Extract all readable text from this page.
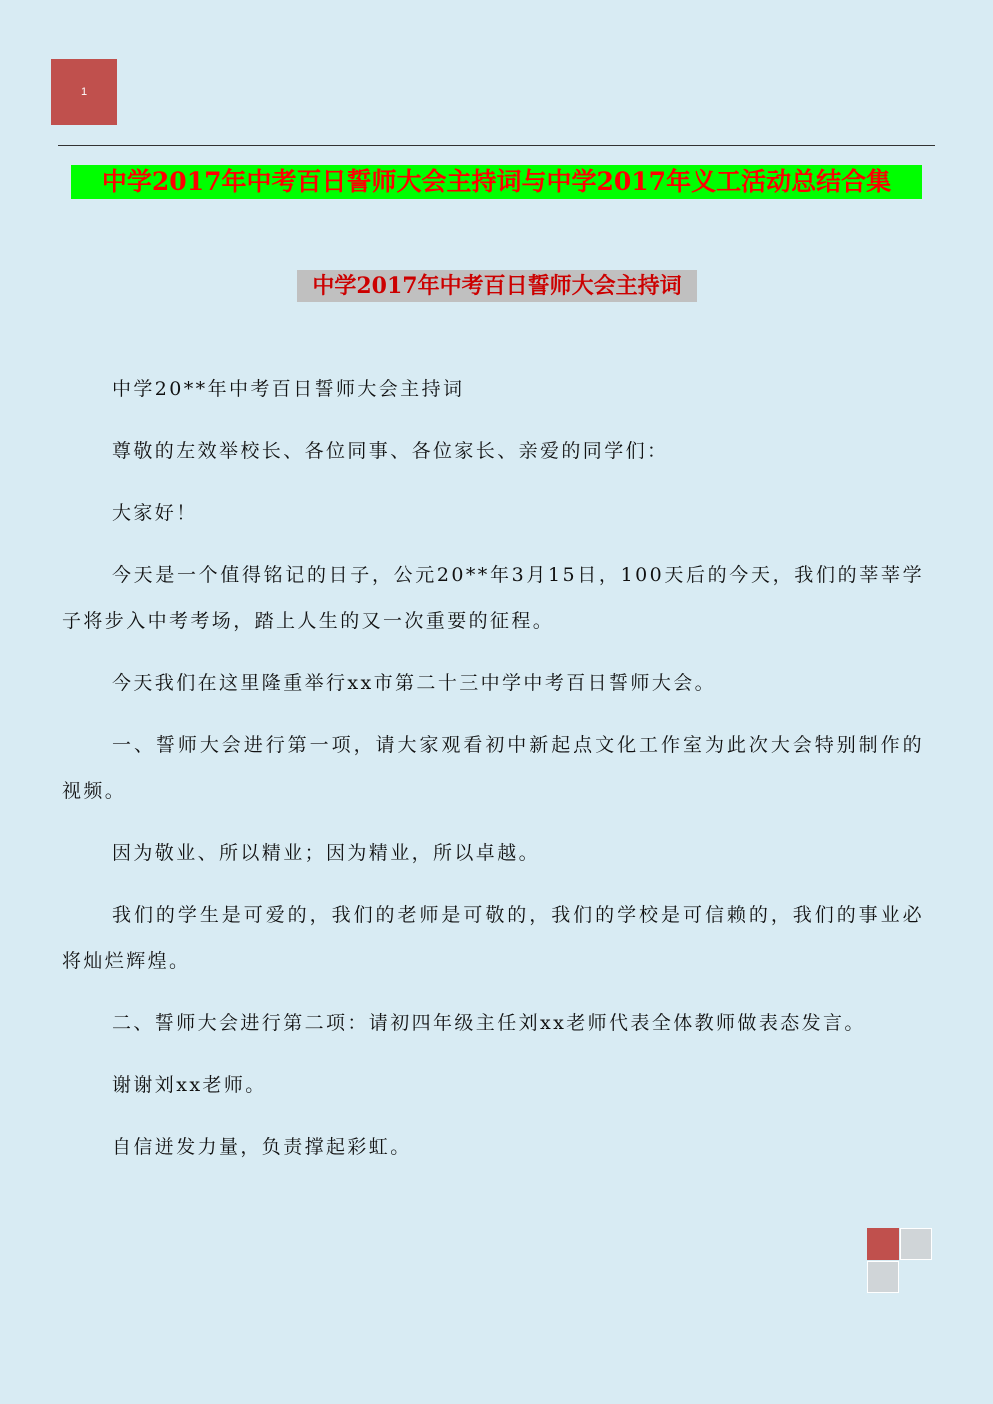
1
中学2017年中考百日誓师大会主持词与中学2017年义工活动总结合集
中学2017年中考百日誓师大会主持词

中学20**年中考百日誓师大会主持词

尊敬的左效举校长、各位同事、各位家长、亲爱的同学们：

大家好！

今天是一个值得铭记的日子，公元20**年3月15日，100天后的今天，我们的莘莘学子将步入中考考场，踏上人生的又一次重要的征程。

今天我们在这里隆重举行xx市第二十三中学中考百日誓师大会。

一、誓师大会进行第一项，请大家观看初中新起点文化工作室为此次大会特别制作的视频。

因为敬业、所以精业；因为精业，所以卓越。

我们的学生是可爱的，我们的老师是可敬的，我们的学校是可信赖的，我们的事业必将灿烂辉煌。

二、誓师大会进行第二项：请初四年级主任刘xx老师代表全体教师做表态发言。

谢谢刘xx老师。

自信迸发力量，负责撑起彩虹。
